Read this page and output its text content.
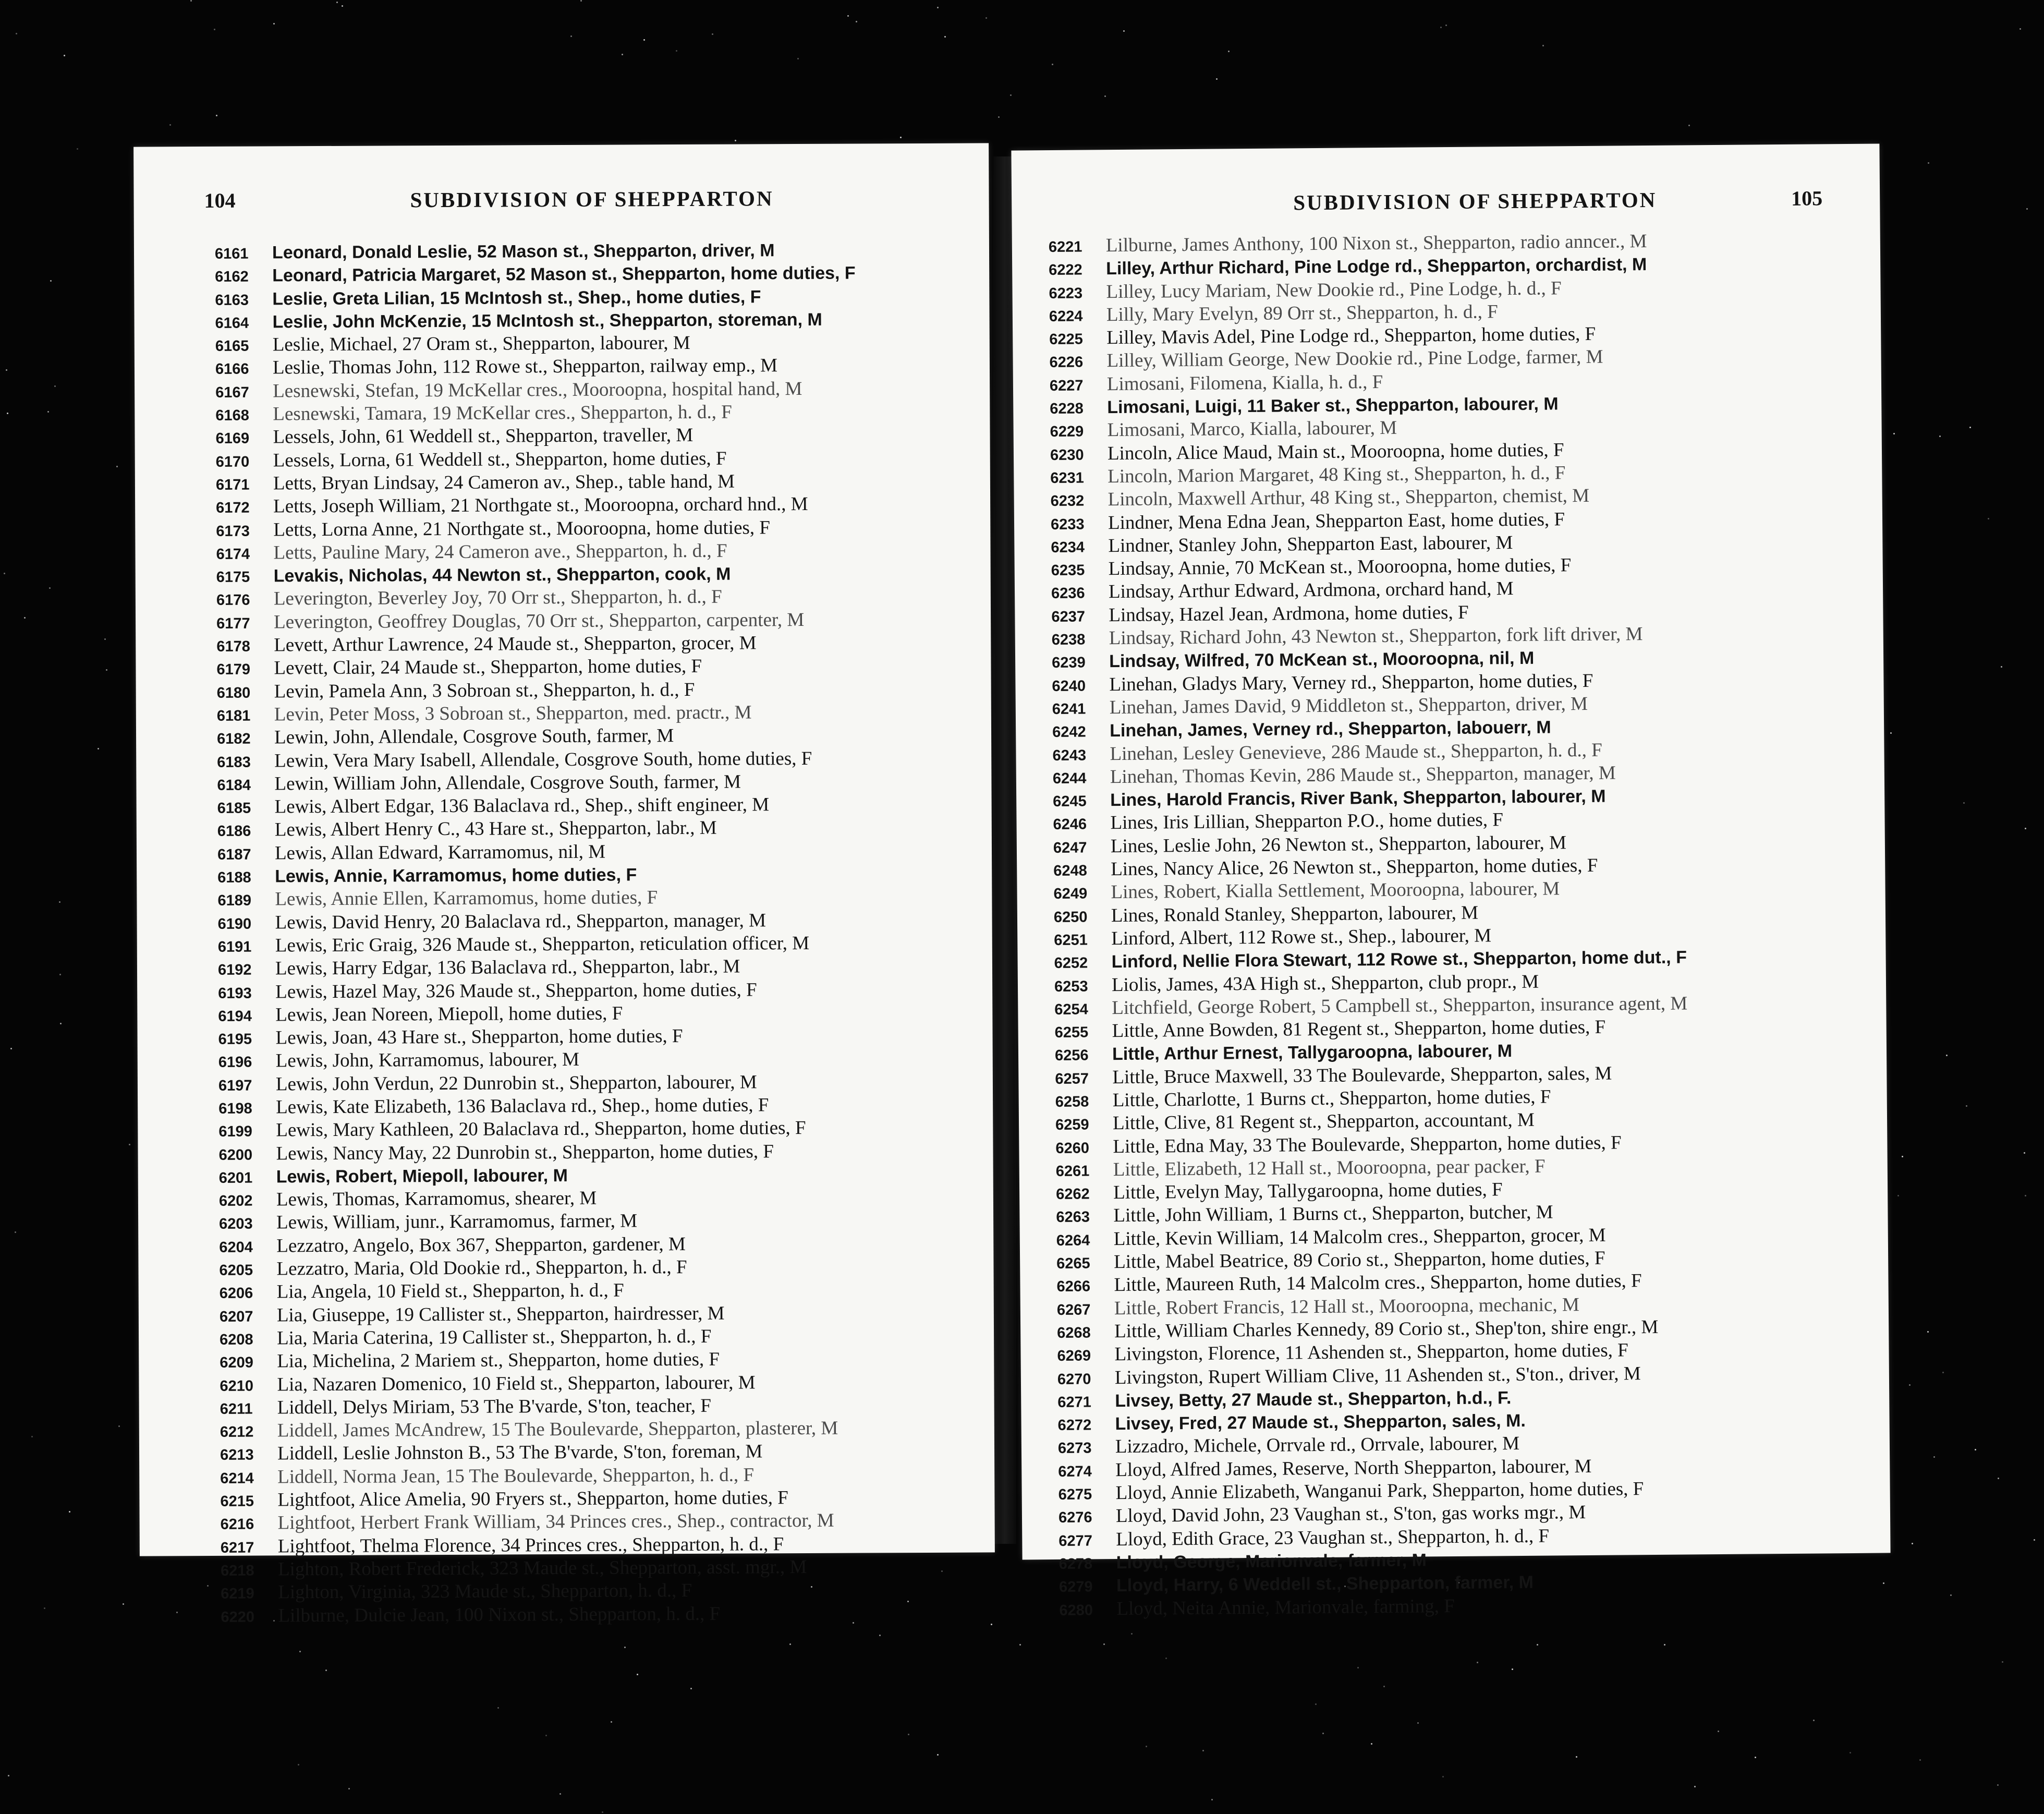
104	SUBDIVISION OF SHEPPARTON
6161 Leonard, Donald Leslie, 52 Mason st., Shepparton, driver, M
6162 Leonard, Patricia Margaret, 52 Mason st., Shepparton, home duties, F
6163 Leslie, Greta Lilian, 15 McIntosh st., Shep., home duties, F
6164 Leslie, John McKenzie, 15 McIntosh st., Shepparton, storeman, M
6165 Leslie, Michael, 27 Oram st., Shepparton, labourer, M
6166 Leslie, Thomas John, 112 Rowe st., Shepparton, railway emp., M
6167 Lesnewski, Stefan, 19 McKellar cres., Mooroopna, hospital hand, M
6168 Lesnewski, Tamara, 19 McKellar cres., Shepparton, h. d., F
6169 Lessels, John, 61 Weddell st., Shepparton, traveller, M
6170 Lessels, Lorna, 61 Weddell st., Shepparton, home duties, F
6171 Letts, Bryan Lindsay, 24 Cameron av., Shep., table hand, M
6172 Letts, Joseph William, 21 Northgate st., Mooroopna, orchard hnd., M
6173 Letts, Lorna Anne, 21 Northgate st., Mooroopna, home duties, F
6174 Letts, Pauline Mary, 24 Cameron ave., Shepparton, h. d., F
6175 Levakis, Nicholas, 44 Newton st., Shepparton, cook, M
6176 Leverington, Beverley Joy, 70 Orr st., Shepparton, h. d., F
6177 Leverington, Geoffrey Douglas, 70 Orr st., Shepparton, carpenter, M
6178 Levett, Arthur Lawrence, 24 Maude st., Shepparton, grocer, M
6179 Levett, Clair, 24 Maude st., Shepparton, home duties, F
6180 Levin, Pamela Ann, 3 Sobroan st., Shepparton, h. d., F
6181 Levin, Peter Moss, 3 Sobroan st., Shepparton, med. practr., M
6182 Lewin, John, Allendale, Cosgrove South, farmer, M
6183 Lewin, Vera Mary Isabell, Allendale, Cosgrove South, home duties, F
6184 Lewin, William John, Allendale, Cosgrove South, farmer, M
6185 Lewis, Albert Edgar, 136 Balaclava rd., Shep., shift engineer, M
6186 Lewis, Albert Henry C., 43 Hare st., Shepparton, labr., M
6187 Lewis, Allan Edward, Karramomus, nil, M
6188 Lewis, Annie, Karramomus, home duties, F
6189 Lewis, Annie Ellen, Karramomus, home duties, F
6190 Lewis, David Henry, 20 Balaclava rd., Shepparton, manager, M
6191 Lewis, Eric Graig, 326 Maude st., Shepparton, reticulation officer, M
6192 Lewis, Harry Edgar, 136 Balaclava rd., Shepparton, labr., M
6193 Lewis, Hazel May, 326 Maude st., Shepparton, home duties, F
6194 Lewis, Jean Noreen, Miepoll, home duties, F
6195 Lewis, Joan, 43 Hare st., Shepparton, home duties, F
6196 Lewis, John, Karramomus, labourer, M
6197 Lewis, John Verdun, 22 Dunrobin st., Shepparton, labourer, M
6198 Lewis, Kate Elizabeth, 136 Balaclava rd., Shep., home duties, F
6199 Lewis, Mary Kathleen, 20 Balaclava rd., Shepparton, home duties, F
6200 Lewis, Nancy May, 22 Dunrobin st., Shepparton, home duties, F
6201 Lewis, Robert, Miepoll, labourer, M
6202 Lewis, Thomas, Karramomus, shearer, M
6203 Lewis, William, junr., Karramomus, farmer, M
6204 Lezzatro, Angelo, Box 367, Shepparton, gardener, M
6205 Lezzatro, Maria, Old Dookie rd., Shepparton, h. d., F
6206 Lia, Angela, 10 Field st., Shepparton, h. d., F
6207 Lia, Giuseppe, 19 Callister st., Shepparton, hairdresser, M
6208 Lia, Maria Caterina, 19 Callister st., Shepparton, h. d., F
6209 Lia, Michelina, 2 Mariem st., Shepparton, home duties, F
6210 Lia, Nazaren Domenico, 10 Field st., Shepparton, labourer, M
6211 Liddell, Delys Miriam, 53 The B'varde, S'ton, teacher, F
6212 Liddell, James McAndrew, 15 The Boulevarde, Shepparton, plasterer, M
6213 Liddell, Leslie Johnston B., 53 The B'varde, S'ton, foreman, M
6214 Liddell, Norma Jean, 15 The Boulevarde, Shepparton, h. d., F
6215 Lightfoot, Alice Amelia, 90 Fryers st., Shepparton, home duties, F
6216 Lightfoot, Herbert Frank William, 34 Princes cres., Shep., contractor, M
6217 Lightfoot, Thelma Florence, 34 Princes cres., Shepparton, h. d., F
6218 Lighton, Robert Frederick, 323 Maude st., Shepparton, asst. mgr., M
6219 Lighton, Virginia, 323 Maude st., Shepparton, h. d., F
6220 Lilburne, Dulcie Jean, 100 Nixon st., Shepparton, h. d., F
SUBDIVISION OF SHEPPARTON	105
6221 Lilburne, James Anthony, 100 Nixon st., Shepparton, radio anncer., M
6222 Lilley, Arthur Richard, Pine Lodge rd., Shepparton, orchardist, M
6223 Lilley, Lucy Mariam, New Dookie rd., Pine Lodge, h. d., F
6224 Lilly, Mary Evelyn, 89 Orr st., Shepparton, h. d., F
6225 Lilley, Mavis Adel, Pine Lodge rd., Shepparton, home duties, F
6226 Lilley, William George, New Dookie rd., Pine Lodge, farmer, M
6227 Limosani, Filomena, Kialla, h. d., F
6228 Limosani, Luigi, 11 Baker st., Shepparton, labourer, M
6229 Limosani, Marco, Kialla, labourer, M
6230 Lincoln, Alice Maud, Main st., Mooroopna, home duties, F
6231 Lincoln, Marion Margaret, 48 King st., Shepparton, h. d., F
6232 Lincoln, Maxwell Arthur, 48 King st., Shepparton, chemist, M
6233 Lindner, Mena Edna Jean, Shepparton East, home duties, F
6234 Lindner, Stanley John, Shepparton East, labourer, M
6235 Lindsay, Annie, 70 McKean st., Mooroopna, home duties, F
6236 Lindsay, Arthur Edward, Ardmona, orchard hand, M
6237 Lindsay, Hazel Jean, Ardmona, home duties, F
6238 Lindsay, Richard John, 43 Newton st., Shepparton, fork lift driver, M
6239 Lindsay, Wilfred, 70 McKean st., Mooroopna, nil, M
6240 Linehan, Gladys Mary, Verney rd., Shepparton, home duties, F
6241 Linehan, James David, 9 Middleton st., Shepparton, driver, M
6242 Linehan, James, Verney rd., Shepparton, labouerr, M
6243 Linehan, Lesley Genevieve, 286 Maude st., Shepparton, h. d., F
6244 Linehan, Thomas Kevin, 286 Maude st., Shepparton, manager, M
6245 Lines, Harold Francis, River Bank, Shepparton, labourer, M
6246 Lines, Iris Lillian, Shepparton P.O., home duties, F
6247 Lines, Leslie John, 26 Newton st., Shepparton, labourer, M
6248 Lines, Nancy Alice, 26 Newton st., Shepparton, home duties, F
6249 Lines, Robert, Kialla Settlement, Mooroopna, labourer, M
6250 Lines, Ronald Stanley, Shepparton, labourer, M
6251 Linford, Albert, 112 Rowe st., Shep., labourer, M
6252 Linford, Nellie Flora Stewart, 112 Rowe st., Shepparton, home dut., F
6253 Liolis, James, 43A High st., Shepparton, club propr., M
6254 Litchfield, George Robert, 5 Campbell st., Shepparton, insurance agent, M
6255 Little, Anne Bowden, 81 Regent st., Shepparton, home duties, F
6256 Little, Arthur Ernest, Tallygaroopna, labourer, M
6257 Little, Bruce Maxwell, 33 The Boulevarde, Shepparton, sales, M
6258 Little, Charlotte, 1 Burns ct., Shepparton, home duties, F
6259 Little, Clive, 81 Regent st., Shepparton, accountant, M
6260 Little, Edna May, 33 The Boulevarde, Shepparton, home duties, F
6261 Little, Elizabeth, 12 Hall st., Mooroopna, pear packer, F
6262 Little, Evelyn May, Tallygaroopna, home duties, F
6263 Little, John William, 1 Burns ct., Shepparton, butcher, M
6264 Little, Kevin William, 14 Malcolm cres., Shepparton, grocer, M
6265 Little, Mabel Beatrice, 89 Corio st., Shepparton, home duties, F
6266 Little, Maureen Ruth, 14 Malcolm cres., Shepparton, home duties, F
6267 Little, Robert Francis, 12 Hall st., Mooroopna, mechanic, M
6268 Little, William Charles Kennedy, 89 Corio st., Shep'ton, shire engr., M
6269 Livingston, Florence, 11 Ashenden st., Shepparton, home duties, F
6270 Livingston, Rupert William Clive, 11 Ashenden st., S'ton., driver, M
6271 Livsey, Betty, 27 Maude st., Shepparton, h.d., F.
6272 Livsey, Fred, 27 Maude st., Shepparton, sales, M.
6273 Lizzadro, Michele, Orrvale rd., Orrvale, labourer, M
6274 Lloyd, Alfred James, Reserve, North Shepparton, labourer, M
6275 Lloyd, Annie Elizabeth, Wanganui Park, Shepparton, home duties, F
6276 Lloyd, David John, 23 Vaughan st., S'ton, gas works mgr., M
6277 Lloyd, Edith Grace, 23 Vaughan st., Shepparton, h. d., F
6278 Lloyd, George, Marionvale, farmer, M
6279 Lloyd, Harry, 6 Weddell st., Shepparton, farmer, M
6280 Lloyd, Neita Annie, Marionvale, farming, F
